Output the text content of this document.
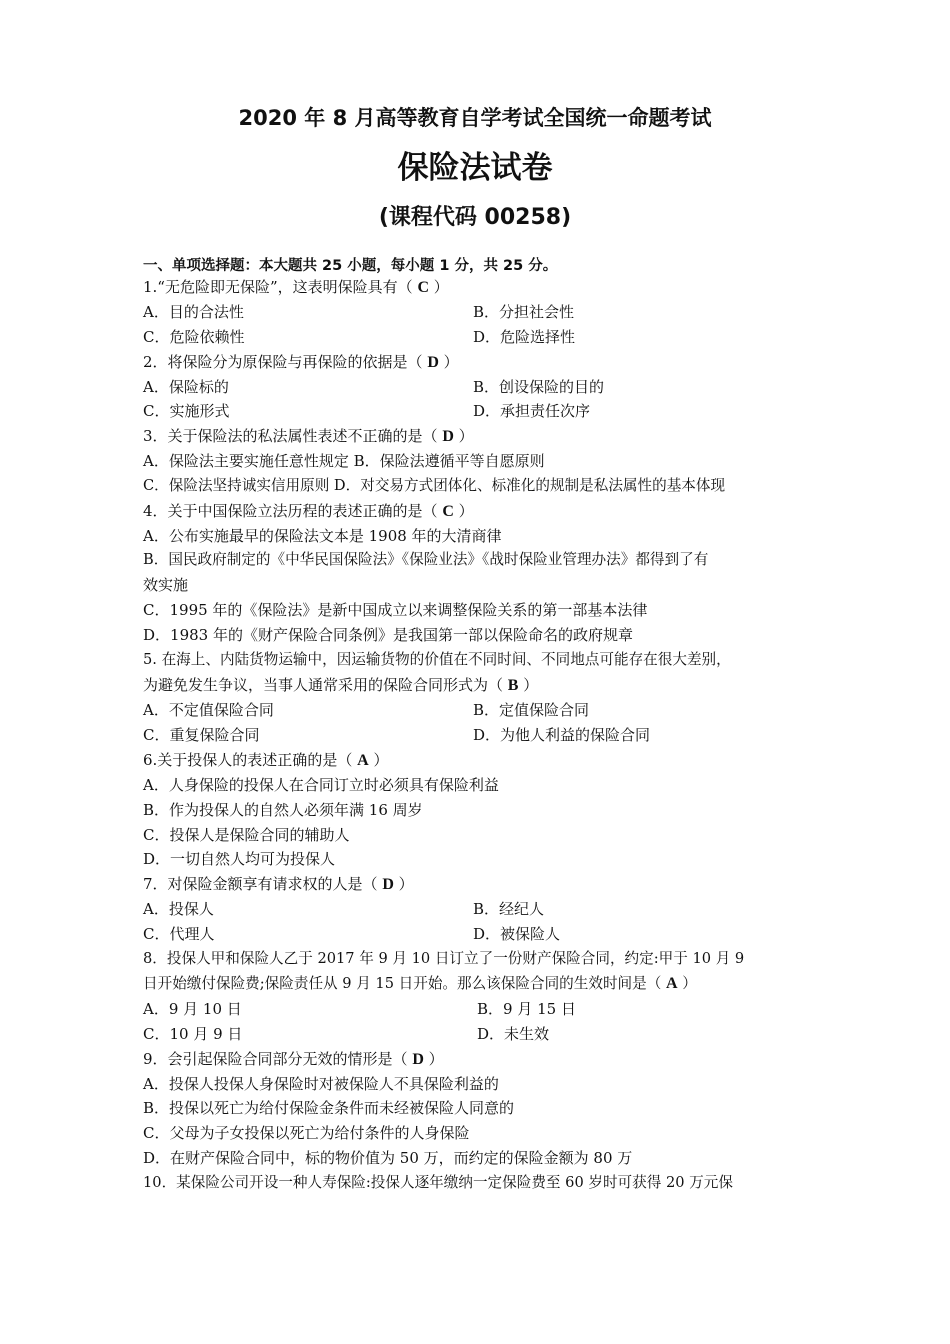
2020 年 8 月高等教育自学考试全国统一命题考试
保险法试卷
(课程代码 00258)
一、单项选择题：本大题共 25 小题，每小题 1 分，共 25 分。
1.“无危险即无保险”，这表明保险具有（ C ）
A．目的合法性	B．分担社会性
C．危险依赖性	D．危险选择性
2．将保险分为原保险与再保险的依据是（ D ）
A．保险标的	B．创设保险的目的
C．实施形式	D．承担责任次序
3．关于保险法的私法属性表述不正确的是（ D ）
A．保险法主要实施任意性规定 B．保险法遵循平等自愿原则
C．保险法坚持诚实信用原则 D．对交易方式团体化、标准化的规制是私法属性的基本体现
4．关于中国保险立法历程的表述正确的是（ C ）
A．公布实施最早的保险法文本是 1908 年的大清商律
B．国民政府制定的《中华民国保险法》《保险业法》《战时保险业管理办法》都得到了有
效实施
C．1995 年的《保险法》是新中国成立以来调整保险关系的第一部基本法律
D．1983 年的《财产保险合同条例》是我国第一部以保险命名的政府规章
5. 在海上、内陆货物运输中，因运输货物的价值在不同时间、不同地点可能存在很大差别，
为避免发生争议，当事人通常采用的保险合同形式为（ B ）
A．不定值保险合同	B．定值保险合同
C．重复保险合同	D．为他人利益的保险合同
6.关于投保人的表述正确的是（ A ）
A．人身保险的投保人在合同订立时必须具有保险利益
B．作为投保人的自然人必须年满 16 周岁
C．投保人是保险合同的辅助人
D．一切自然人均可为投保人
7．对保险金额享有请求权的人是（ D ）
A．投保人	B．经纪人
C．代理人	D．被保险人
8．投保人甲和保险人乙于 2017 年 9 月 10 日订立了一份财产保险合同，约定:甲于 10 月 9
日开始缴付保险费;保险责任从 9 月 15 日开始。那么该保险合同的生效时间是（ A ）
A．9 月 10 日	B．9 月 15 日
C．10 月 9 日	D．未生效
9．会引起保险合同部分无效的情形是（ D ）
A．投保人投保人身保险时对被保险人不具保险利益的
B．投保以死亡为给付保险金条件而未经被保险人同意的
C．父母为子女投保以死亡为给付条件的人身保险
D．在财产保险合同中，标的物价值为 50 万，而约定的保险金额为 80 万
10．某保险公司开设一种人寿保险:投保人逐年缴纳一定保险费至 60 岁时可获得 20 万元保
